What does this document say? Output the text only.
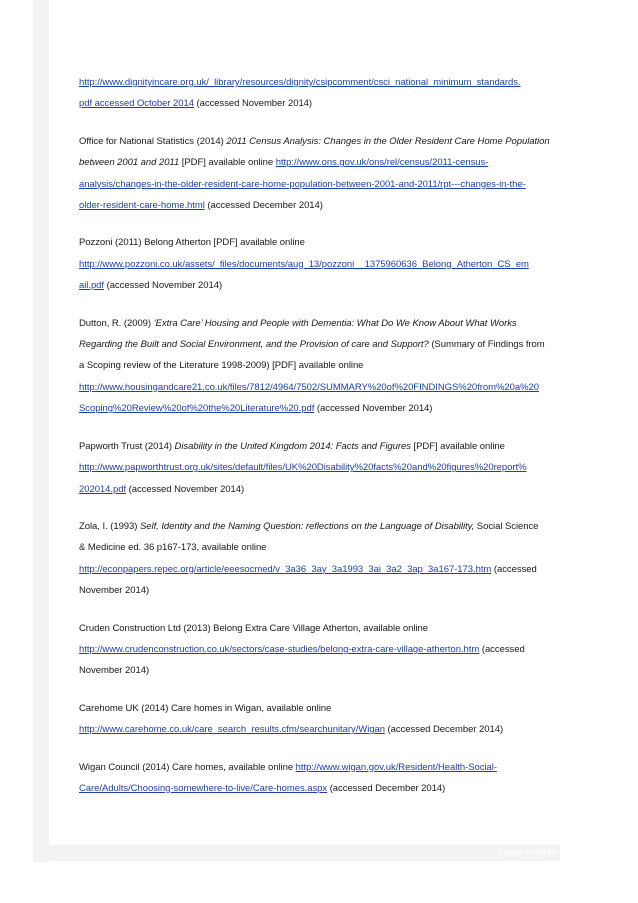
Dignity in Design
http://www.dignityincare.org.uk/_library/resources/dignity/csipcomment/csci_national_minimum_standards.
pdf accessed October 2014 (accessed November 2014)
Office for National Statistics (2014) 2011 Census Analysis: Changes in the Older Resident Care Home Population
between 2001 and 2011 [PDF] available online http://www.ons.gov.uk/ons/rel/census/2011-census-
analysis/changes-in-the-older-resident-care-home-population-between-2001-and-2011/rpt---changes-in-the-
older-resident-care-home.html (accessed December 2014)
Pozzoni (2011) Belong Atherton [PDF] available online
http://www.pozzoni.co.uk/assets/_files/documents/aug_13/pozzoni__1375960636_Belong_Atherton_CS_em
ail.pdf (accessed November 2014)
Dutton, R. (2009) ‘Extra Care’ Housing and People with Dementia: What Do We Know About What Works
Regarding the Built and Social Environment, and the Provision of care and Support? (Summary of Findings from
a Scoping review of the Literature 1998-2009) [PDF] available online
http://www.housingandcare21.co.uk/files/7812/4964/7502/SUMMARY%20of%20FINDINGS%20from%20a%20
Scoping%20Review%20of%20the%20Literature%20.pdf (accessed November 2014)
Papworth Trust (2014) Disability in the United Kingdom 2014: Facts and Figures [PDF] available online
http://www.papworthtrust.org.uk/sites/default/files/UK%20Disability%20facts%20and%20figures%20report%
202014.pdf (accessed November 2014)
Zola, I. (1993) Self, Identity and the Naming Question: reflections on the Language of Disability, Social Science
& Medicine ed. 36 p167-173, available online
http://econpapers.repec.org/article/eeesocmed/v_3a36_3ay_3a1993_3ai_3a2_3ap_3a167-173.htm (accessed
November 2014)
Cruden Construction Ltd (2013) Belong Extra Care Village Atherton, available online
http://www.crudenconstruction.co.uk/sectors/case-studies/belong-extra-care-village-atherton.htm (accessed
November 2014)
Carehome UK (2014) Care homes in Wigan, available online
http://www.carehome.co.uk/care_search_results.cfm/searchunitary/Wigan (accessed December 2014)
Wigan Council (2014) Care homes, available online http://www.wigan.gov.uk/Resident/Health-Social-
Care/Adults/Choosing-somewhere-to-live/Care-homes.aspx (accessed December 2014)
